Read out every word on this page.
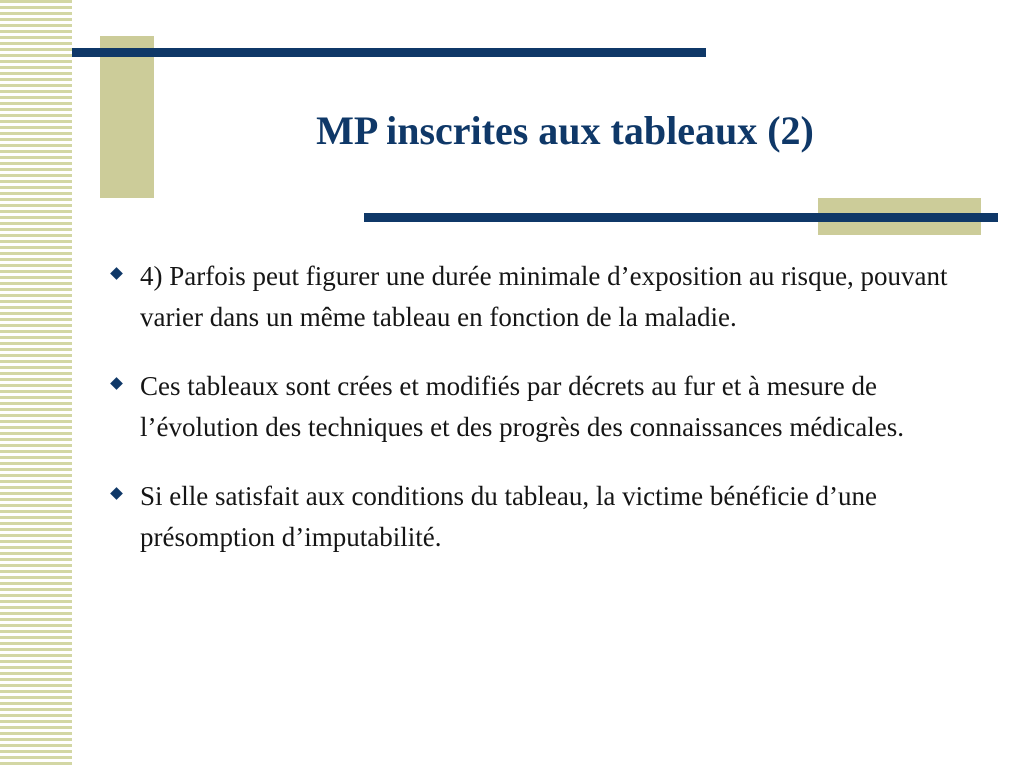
MP inscrites aux tableaux (2)
4) Parfois peut figurer une durée minimale d’exposition au risque, pouvant varier dans un même tableau en fonction de la maladie.
Ces tableaux sont crées et modifiés par décrets au fur et à mesure de l’évolution des techniques et des progrès des connaissances médicales.
Si elle satisfait aux conditions du tableau, la victime bénéficie d’une présomption d’imputabilité.
